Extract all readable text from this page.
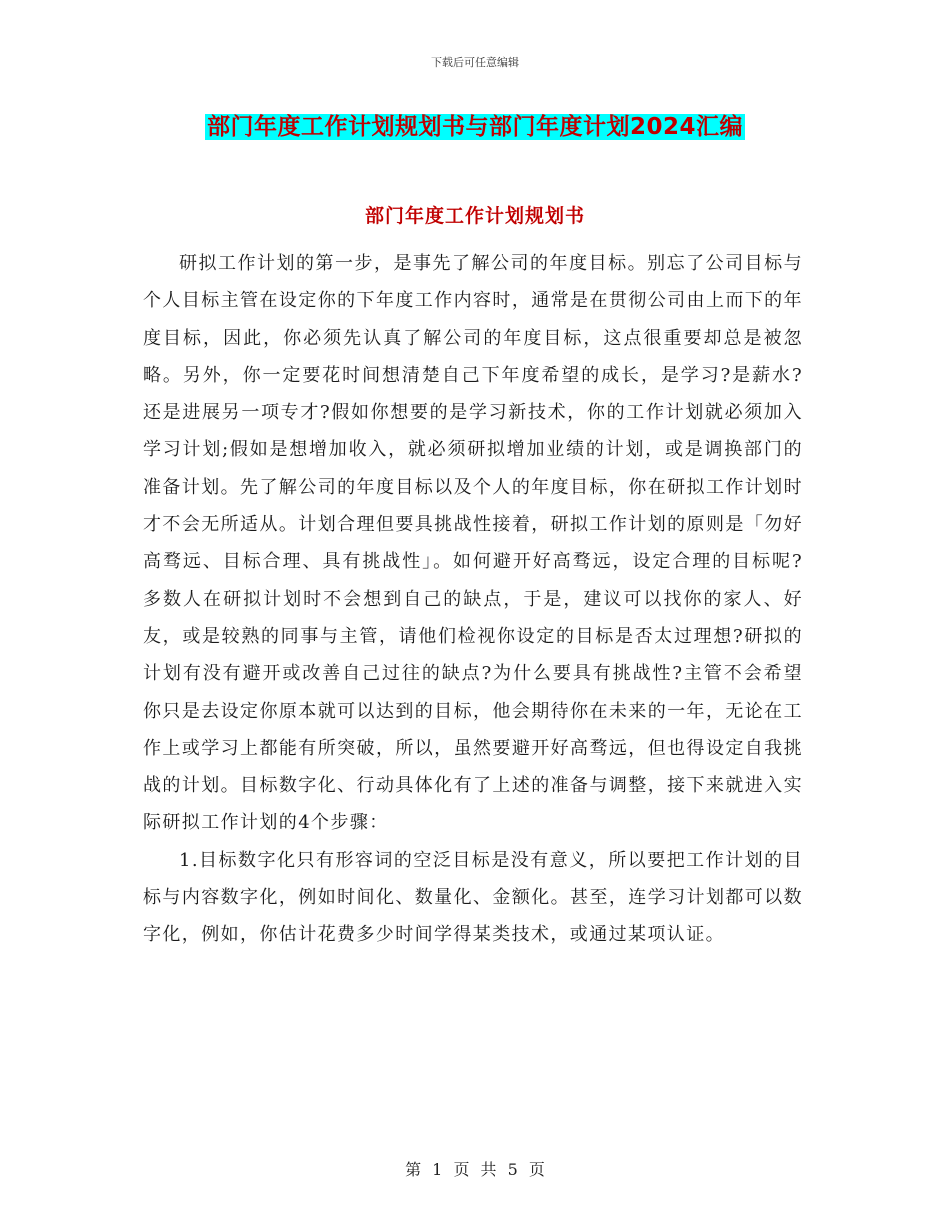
下载后可任意编辑
部门年度工作计划规划书与部门年度计划2024汇编
部门年度工作计划规划书

研拟工作计划的第一步，是事先了解公司的年度目标。别忘了公司目标与个人目标主管在设定你的下年度工作内容时，通常是在贯彻公司由上而下的年度目标，因此，你必须先认真了解公司的年度目标，这点很重要却总是被忽略。另外，你一定要花时间想清楚自己下年度希望的成长，是学习?是薪水?还是进展另一项专才?假如你想要的是学习新技术，你的工作计划就必须加入学习计划;假如是想增加收入，就必须研拟增加业绩的计划，或是调换部门的准备计划。先了解公司的年度目标以及个人的年度目标，你在研拟工作计划时才不会无所适从。计划合理但要具挑战性接着，研拟工作计划的原则是「勿好高骛远、目标合理、具有挑战性」。如何避开好高骛远，设定合理的目标呢?多数人在研拟计划时不会想到自己的缺点，于是，建议可以找你的家人、好友，或是较熟的同事与主管，请他们检视你设定的目标是否太过理想?研拟的计划有没有避开或改善自己过往的缺点?为什么要具有挑战性?主管不会希望你只是去设定你原本就可以达到的目标，他会期待你在未来的一年，无论在工作上或学习上都能有所突破，所以，虽然要避开好高骛远，但也得设定自我挑战的计划。目标数字化、行动具体化有了上述的准备与调整，接下来就进入实际研拟工作计划的4个步骤：

1.目标数字化只有形容词的空泛目标是没有意义，所以要把工作计划的目标与内容数字化，例如时间化、数量化、金额化。甚至，连学习计划都可以数字化，例如，你估计花费多少时间学得某类技术，或通过某项认证。

第 1 页 共 5 页
